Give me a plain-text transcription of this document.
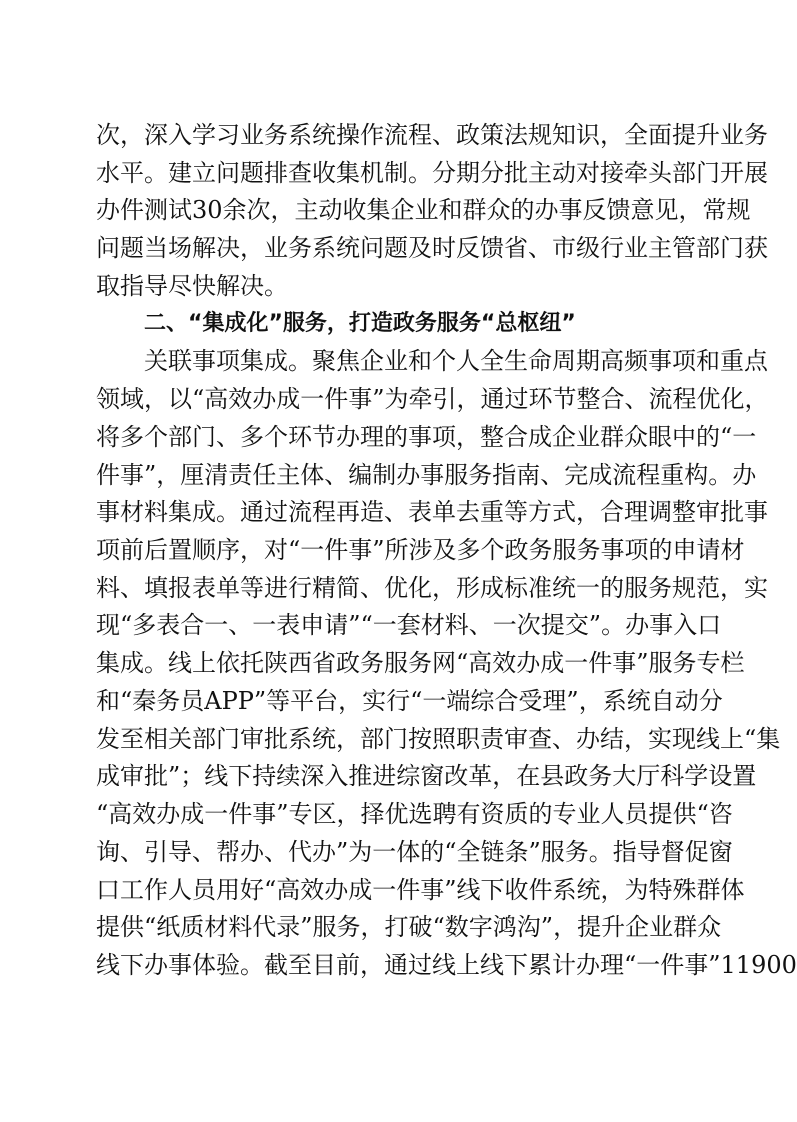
次，深入学习业务系统操作流程、政策法规知识，全面提升业务
水平。建立问题排查收集机制。分期分批主动对接牵头部门开展
办件测试30余次，主动收集企业和群众的办事反馈意见，常规
问题当场解决，业务系统问题及时反馈省、市级行业主管部门获
取指导尽快解决。
二、“集成化”服务，打造政务服务“总枢纽”
关联事项集成。聚焦企业和个人全生命周期高频事项和重点
领域，以“高效办成一件事”为牵引，通过环节整合、流程优化，
将多个部门、多个环节办理的事项，整合成企业群众眼中的“一
件事”，厘清责任主体、编制办事服务指南、完成流程重构。办
事材料集成。通过流程再造、表单去重等方式，合理调整审批事
项前后置顺序，对“一件事”所涉及多个政务服务事项的申请材
料、填报表单等进行精简、优化，形成标准统一的服务规范，实
现“多表合一、一表申请”“一套材料、一次提交”。办事入口
集成。线上依托陕西省政务服务网“高效办成一件事”服务专栏
和“秦务员APP”等平台，实行“一端综合受理”，系统自动分
发至相关部门审批系统，部门按照职责审查、办结，实现线上“集
成审批”；线下持续深入推进综窗改革，在县政务大厅科学设置
“高效办成一件事”专区，择优选聘有资质的专业人员提供“咨
询、引导、帮办、代办”为一体的“全链条”服务。指导督促窗
口工作人员用好“高效办成一件事”线下收件系统，为特殊群体
提供“纸质材料代录”服务，打破“数字鸿沟”，提升企业群众
线下办事体验。截至目前，通过线上线下累计办理“一件事”11900
